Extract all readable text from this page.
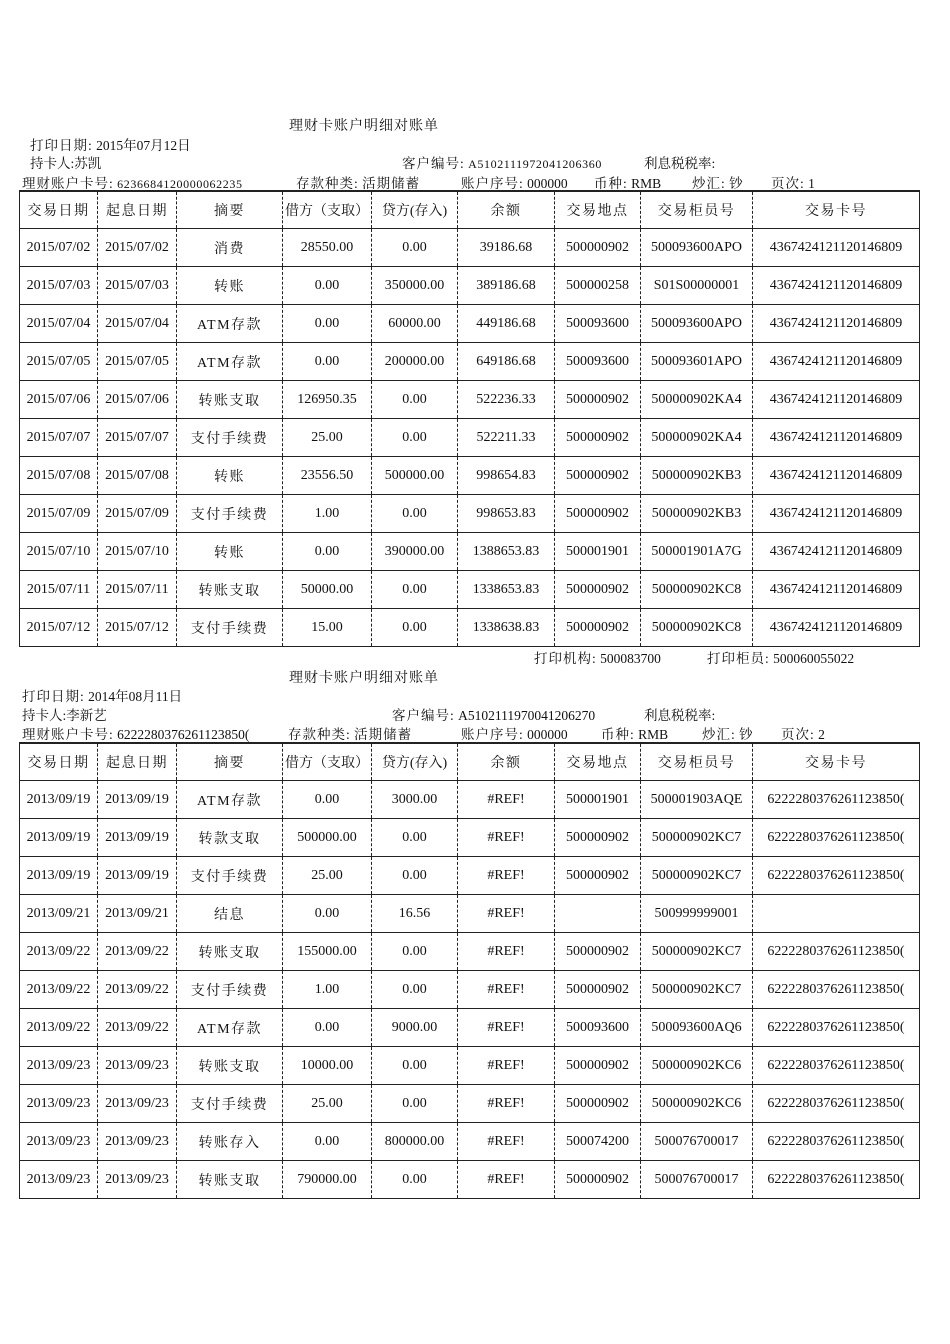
理财卡账户明细对账单
打印日期: 2015年07月12日
持卡人:苏凯	客户编号: A5102111972041206360	利息税税率:
理财账户卡号: 6236684120000062235	存款种类: 活期储蓄	账户序号: 000000 币种: RMB 炒汇: 钞 页次: 1
交易日期	起息日期	摘要	借方（支取）	贷方(存入)	余额	交易地点	交易柜员号	交易卡号
2015/07/02	2015/07/02	消费	28550.00	0.00	39186.68	500000902	500093600APO	4367424121120146809
2015/07/03	2015/07/03	转账	0.00	350000.00	389186.68	500000258	S01S00000001	4367424121120146809
2015/07/04	2015/07/04	ATM存款	0.00	60000.00	449186.68	500093600	500093600APO	4367424121120146809
2015/07/05	2015/07/05	ATM存款	0.00	200000.00	649186.68	500093600	500093601APO	4367424121120146809
2015/07/06	2015/07/06	转账支取	126950.35	0.00	522236.33	500000902	500000902KA4	4367424121120146809
2015/07/07	2015/07/07	支付手续费	25.00	0.00	522211.33	500000902	500000902KA4	4367424121120146809
2015/07/08	2015/07/08	转账	23556.50	500000.00	998654.83	500000902	500000902KB3	4367424121120146809
2015/07/09	2015/07/09	支付手续费	1.00	0.00	998653.83	500000902	500000902KB3	4367424121120146809
2015/07/10	2015/07/10	转账	0.00	390000.00	1388653.83	500001901	500001901A7G	4367424121120146809
2015/07/11	2015/07/11	转账支取	50000.00	0.00	1338653.83	500000902	500000902KC8	4367424121120146809
2015/07/12	2015/07/12	支付手续费	15.00	0.00	1338638.83	500000902	500000902KC8	4367424121120146809
打印机构: 500083700	打印柜员: 500060055022
理财卡账户明细对账单
打印日期: 2014年08月11日
持卡人:李新艺	客户编号: A5102111970041206270	利息税税率:
理财账户卡号: 6222280376261123850(	存款种类: 活期储蓄	账户序号: 000000 币种: RMB	炒汇: 钞 页次: 2
交易日期	起息日期	摘要	借方（支取）	贷方(存入)	余额	交易地点	交易柜员号	交易卡号
2013/09/19	2013/09/19	ATM存款	0.00	3000.00	#REF!	500001901	500001903AQE	6222280376261123850(
2013/09/19	2013/09/19	转款支取	500000.00	0.00	#REF!	500000902	500000902KC7	6222280376261123850(
2013/09/19	2013/09/19	支付手续费	25.00	0.00	#REF!	500000902	500000902KC7	6222280376261123850(
2013/09/21	2013/09/21	结息	0.00	16.56	#REF!		500999999001	
2013/09/22	2013/09/22	转账支取	155000.00	0.00	#REF!	500000902	500000902KC7	6222280376261123850(
2013/09/22	2013/09/22	支付手续费	1.00	0.00	#REF!	500000902	500000902KC7	6222280376261123850(
2013/09/22	2013/09/22	ATM存款	0.00	9000.00	#REF!	500093600	500093600AQ6	6222280376261123850(
2013/09/23	2013/09/23	转账支取	10000.00	0.00	#REF!	500000902	500000902KC6	6222280376261123850(
2013/09/23	2013/09/23	支付手续费	25.00	0.00	#REF!	500000902	500000902KC6	6222280376261123850(
2013/09/23	2013/09/23	转账存入	0.00	800000.00	#REF!	500074200	500076700017	6222280376261123850(
2013/09/23	2013/09/23	转账支取	790000.00	0.00	#REF!	500000902	500076700017	6222280376261123850(
